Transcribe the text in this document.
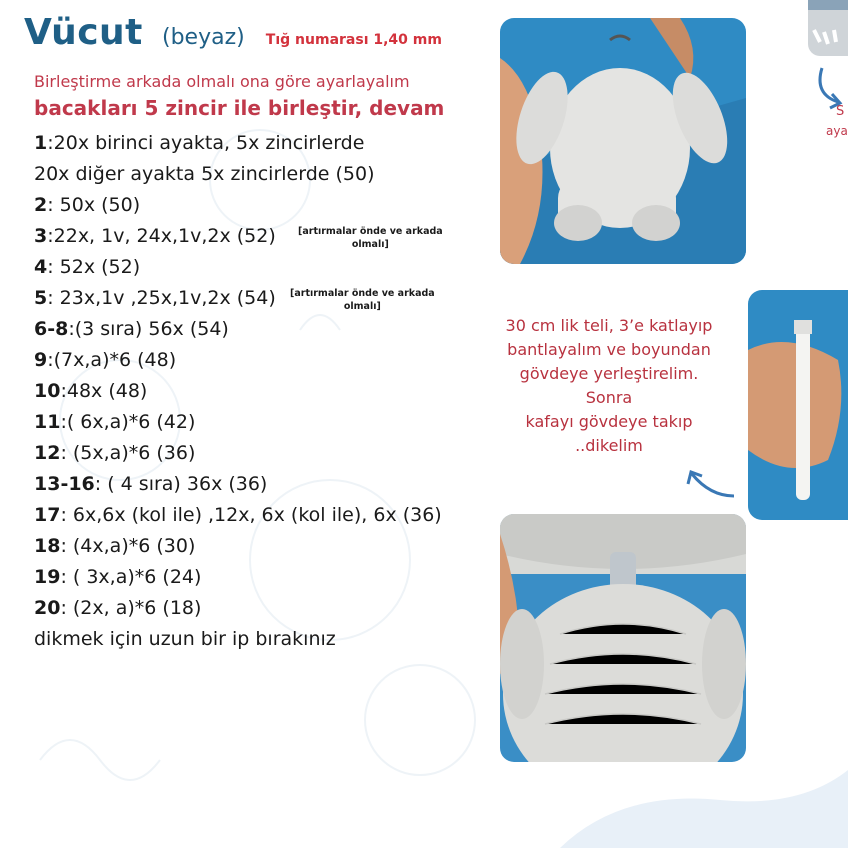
Vücut (beyaz) Tığ numarası 1,40 mm
Birleştirme arkada olmalı ona göre ayarlayalım
bacakları 5 zincir ile birleştir, devam
1:20x birinci ayakta, 5x zincirlerde
20x diğer ayakta 5x zincirlerde (50)
2: 50x (50)
3:22x, 1v, 24x,1v,2x (52) [artırmalar önde ve arkada
olmalı]
4: 52x (52)
5: 23x,1v ,25x,1v,2x (54) [artırmalar önde ve arkada
olmalı]
6-8:(3 sıra) 56x (54)
9:(7x,a)*6 (48)
10:48x (48)
11:( 6x,a)*6 (42)
12: (5x,a)*6 (36)
13-16: ( 4 sıra) 36x (36)
17: 6x,6x (kol ile) ,12x, 6x (kol ile), 6x (36)
18: (4x,a)*6 (30)
19: ( 3x,a)*6 (24)
20: (2x, a)*6 (18)
dikmek için uzun bir ip bırakınız
S
aya
30 cm lik teli, 3’e katlayıp
bantlayalım ve boyundan
gövdeye yerleştirelim.
Sonra
kafayı gövdeye takıp
..dikelim
